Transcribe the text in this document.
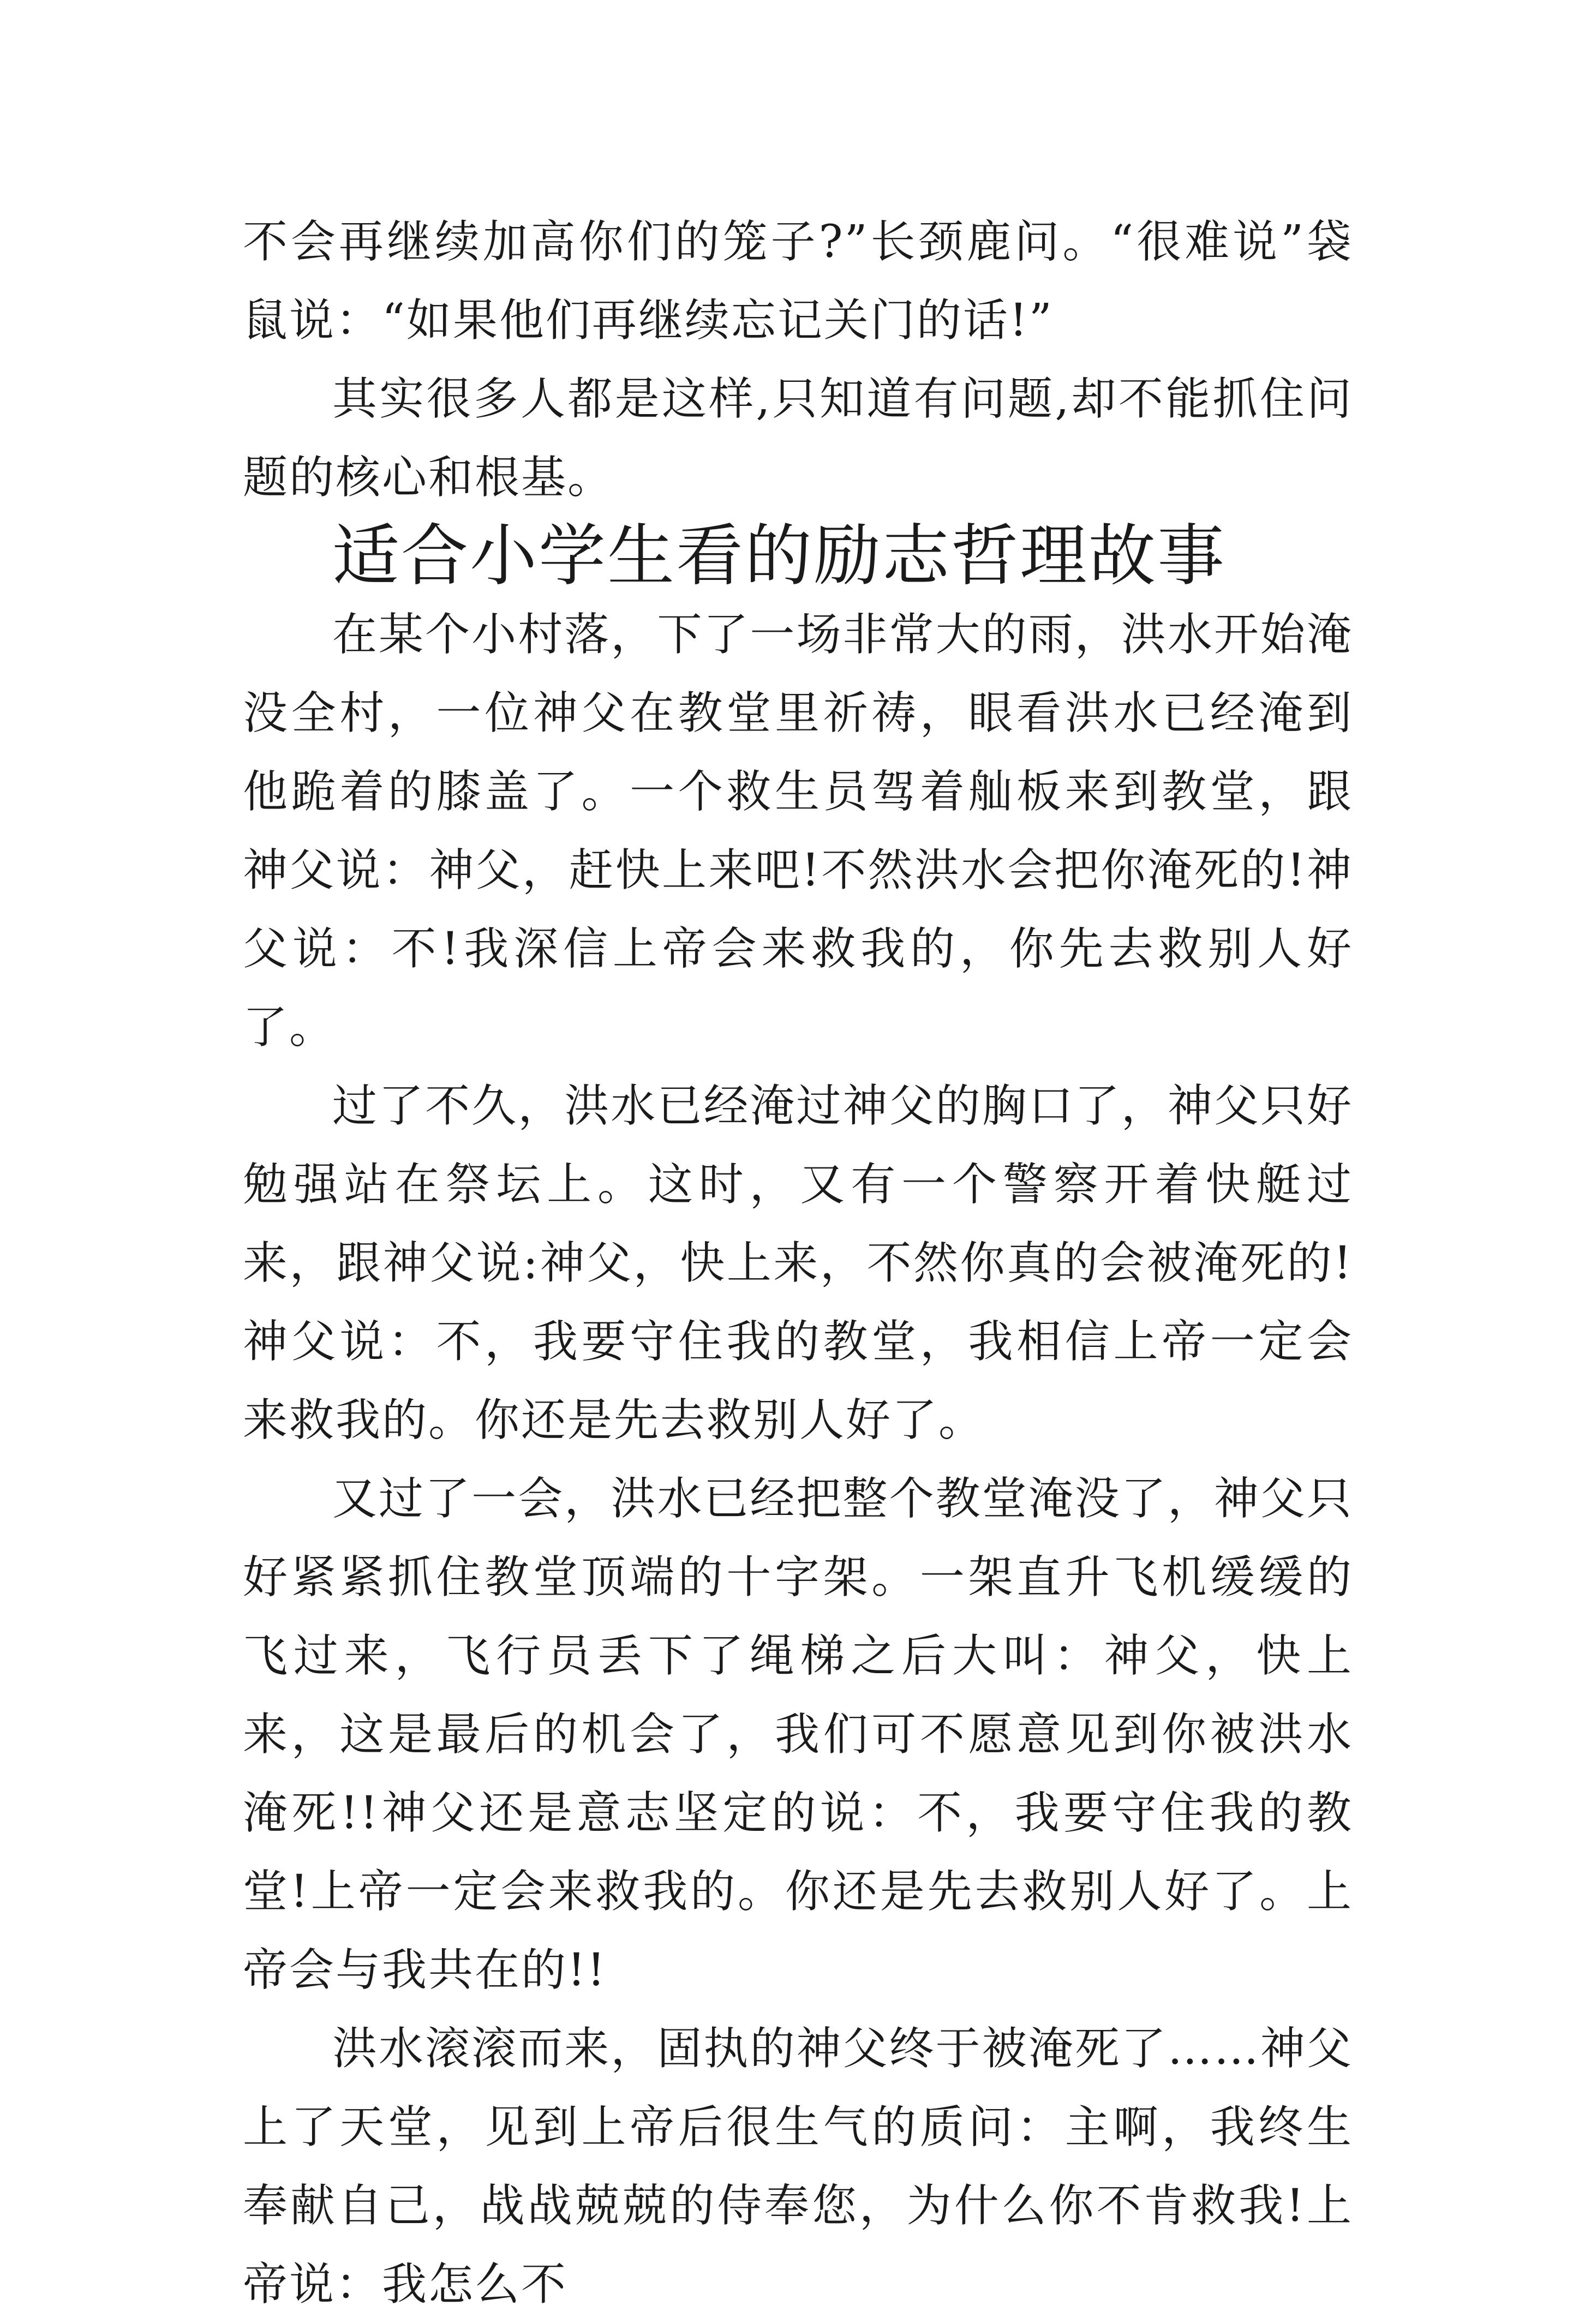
不会再继续加高你们的笼子?”长颈鹿问。“很难说”袋鼠说：“如果他们再继续忘记关门的话!”

其实很多人都是这样,只知道有问题,却不能抓住问题的核心和根基。

适合小学生看的励志哲理故事

在某个小村落，下了一场非常大的雨，洪水开始淹没全村，一位神父在教堂里祈祷，眼看洪水已经淹到他跪着的膝盖了。一个救生员驾着舢板来到教堂，跟神父说：神父，赶快上来吧!不然洪水会把你淹死的!神父说：不!我深信上帝会来救我的，你先去救别人好了。

过了不久，洪水已经淹过神父的胸口了，神父只好勉强站在祭坛上。这时，又有一个警察开着快艇过来，跟神父说:神父，快上来，不然你真的会被淹死的!神父说：不，我要守住我的教堂，我相信上帝一定会来救我的。你还是先去救别人好了。

又过了一会，洪水已经把整个教堂淹没了，神父只好紧紧抓住教堂顶端的十字架。一架直升飞机缓缓的飞过来，飞行员丢下了绳梯之后大叫：神父，快上来，这是最后的机会了，我们可不愿意见到你被洪水淹死!!神父还是意志坚定的说：不，我要守住我的教堂!上帝一定会来救我的。你还是先去救别人好了。上帝会与我共在的!!

洪水滚滚而来，固执的神父终于被淹死了……神父上了天堂，见到上帝后很生气的质问：主啊，我终生奉献自己，战战兢兢的侍奉您，为什么你不肯救我!上帝说：我怎么不
